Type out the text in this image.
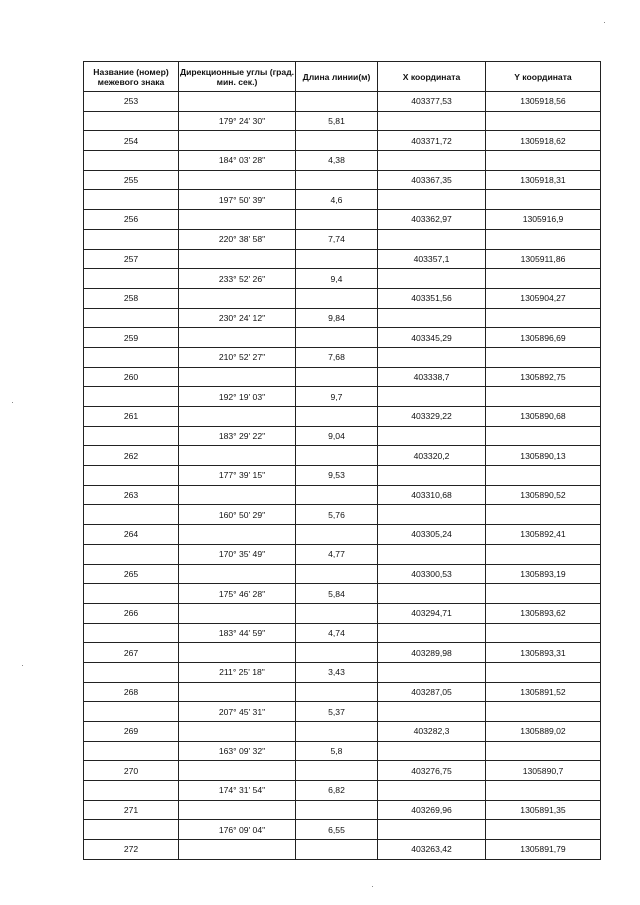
Название (номер) межевого знака	Дирекционные углы (град. мин. сек.)	Длина линии(м)	X координата	Y координата
253			403377,53	1305918,56
	179° 24' 30"	5,81		
254			403371,72	1305918,62
	184° 03' 28"	4,38		
255			403367,35	1305918,31
	197° 50' 39"	4,6		
256			403362,97	1305916,9
	220° 38' 58"	7,74		
257			403357,1	1305911,86
	233° 52' 26"	9,4		
258			403351,56	1305904,27
	230° 24' 12"	9,84		
259			403345,29	1305896,69
	210° 52' 27"	7,68		
260			403338,7	1305892,75
	192° 19' 03"	9,7		
261			403329,22	1305890,68
	183° 29' 22"	9,04		
262			403320,2	1305890,13
	177° 39' 15"	9,53		
263			403310,68	1305890,52
	160° 50' 29"	5,76		
264			403305,24	1305892,41
	170° 35' 49"	4,77		
265			403300,53	1305893,19
	175° 46' 28"	5,84		
266			403294,71	1305893,62
	183° 44' 59"	4,74		
267			403289,98	1305893,31
	211° 25' 18"	3,43		
268			403287,05	1305891,52
	207° 45' 31"	5,37		
269			403282,3	1305889,02
	163° 09' 32"	5,8		
270			403276,75	1305890,7
	174° 31' 54"	6,82		
271			403269,96	1305891,35
	176° 09' 04"	6,55		
272			403263,42	1305891,79
